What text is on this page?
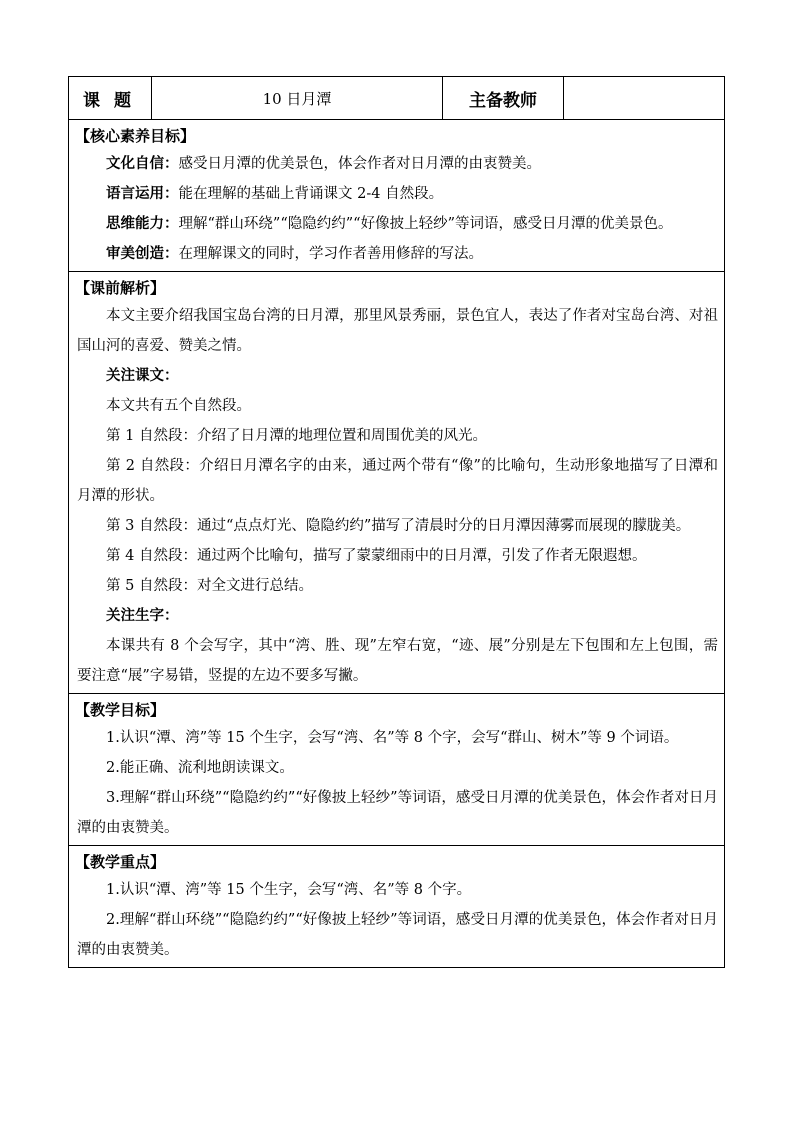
课题	10 日月潭	主备教师	

【核心素养目标】

文化自信：感受日月潭的优美景色，体会作者对日月潭的由衷赞美。

语言运用：能在理解的基础上背诵课文 2-4 自然段。

思维能力：理解“群山环绕”“隐隐约约”“好像披上轻纱”等词语，感受日月潭的优美景色。

审美创造：在理解课文的同时，学习作者善用修辞的写法。

【课前解析】

本文主要介绍我国宝岛台湾的日月潭，那里风景秀丽，景色宜人，表达了作者对宝岛台湾、对祖国山河的喜爱、赞美之情。

关注课文：

本文共有五个自然段。

第 1 自然段：介绍了日月潭的地理位置和周围优美的风光。

第 2 自然段：介绍日月潭名字的由来，通过两个带有“像”的比喻句，生动形象地描写了日潭和月潭的形状。

第 3 自然段：通过“点点灯光、隐隐约约”描写了清晨时分的日月潭因薄雾而展现的朦胧美。

第 4 自然段：通过两个比喻句，描写了蒙蒙细雨中的日月潭，引发了作者无限遐想。

第 5 自然段：对全文进行总结。

关注生字：

本课共有 8 个会写字，其中“湾、胜、现”左窄右宽，“迹、展”分别是左下包围和左上包围，需要注意“展”字易错，竖提的左边不要多写撇。

【教学目标】

1.认识“潭、湾”等 15 个生字，会写“湾、名”等 8 个字，会写“群山、树木”等 9 个词语。

2.能正确、流利地朗读课文。

3.理解“群山环绕”“隐隐约约”“好像披上轻纱”等词语，感受日月潭的优美景色，体会作者对日月潭的由衷赞美。

【教学重点】

1.认识“潭、湾”等 15 个生字，会写“湾、名”等 8 个字。

2.理解“群山环绕”“隐隐约约”“好像披上轻纱”等词语，感受日月潭的优美景色，体会作者对日月潭的由衷赞美。
